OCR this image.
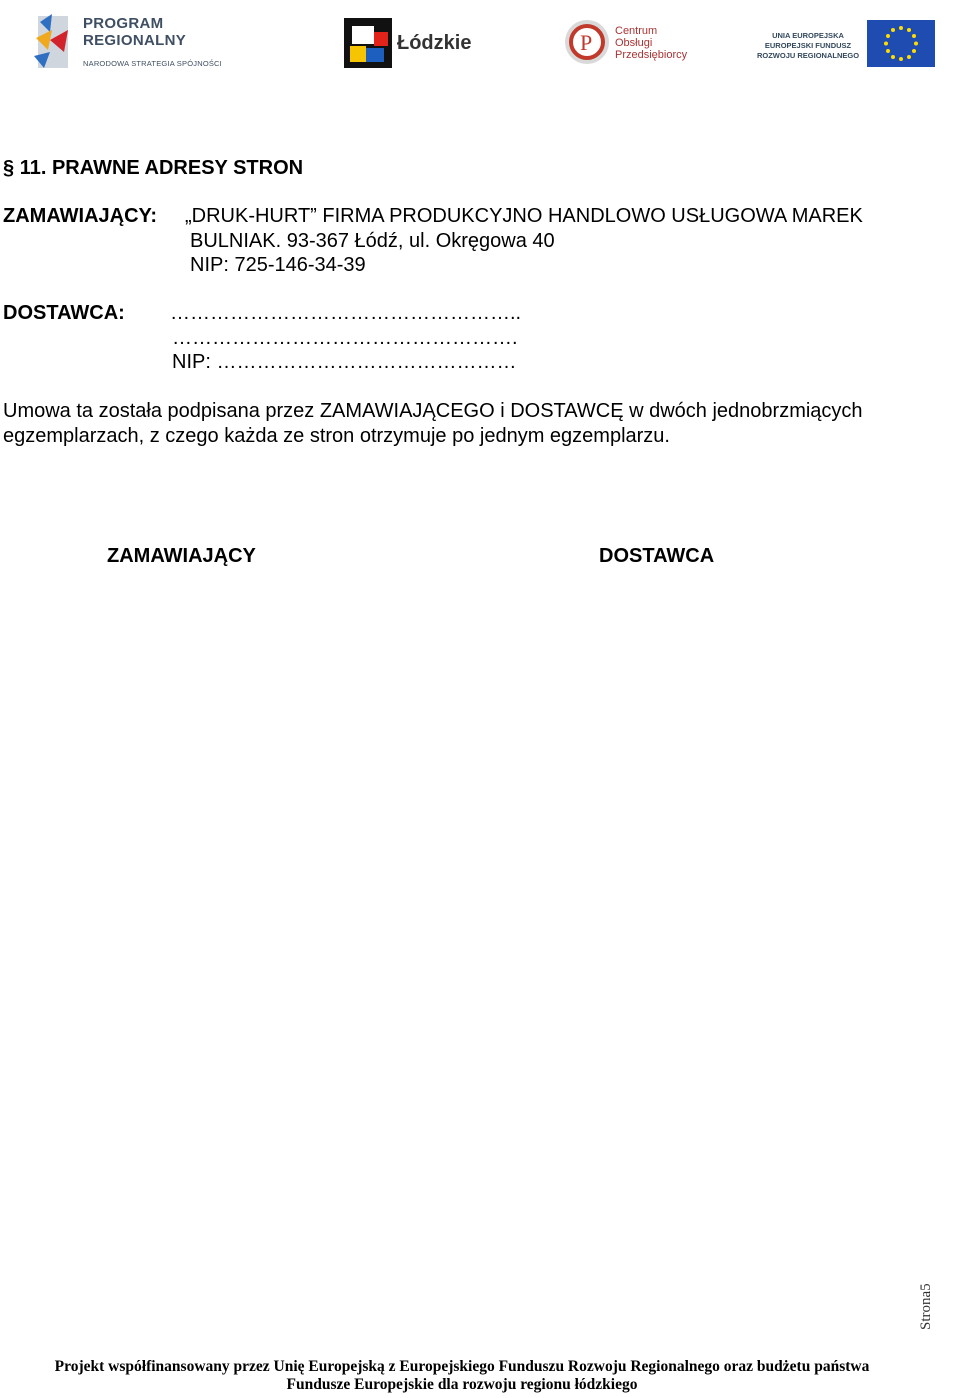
PROGRAM
REGIONALNY
NARODOWA STRATEGIA SPÓJNOŚCI
Łódzkie	P Centrum
Obsługi
Przedsiębiorcy
UNIA EUROPEJSKA
EUROPEJSKI FUNDUSZ
ROZWOJU REGIONALNEGO
§ 11. PRAWNE ADRESY STRON
ZAMAWIAJĄCY: „DRUK-HURT” FIRMA PRODUKCYJNO HANDLOWO USŁUGOWA MAREK
BULNIAK. 93-367 Łódź, ul. Okręgowa 40
NIP: 725-146-34-39
DOSTAWCA: ……………………………………………..
…………………………………………….
NIP: ………………………………………
Umowa ta została podpisana przez ZAMAWIAJĄCEGO i DOSTAWCĘ w dwóch jednobrzmiących egzemplarzach, z czego każda ze stron otrzymuje po jednym egzemplarzu.
ZAMAWIAJĄCY	DOSTAWCA
Strona5
Projekt współfinansowany przez Unię Europejską z Europejskiego Funduszu Rozwoju Regionalnego oraz budżetu państwa
Fundusze Europejskie dla rozwoju regionu łódzkiego
